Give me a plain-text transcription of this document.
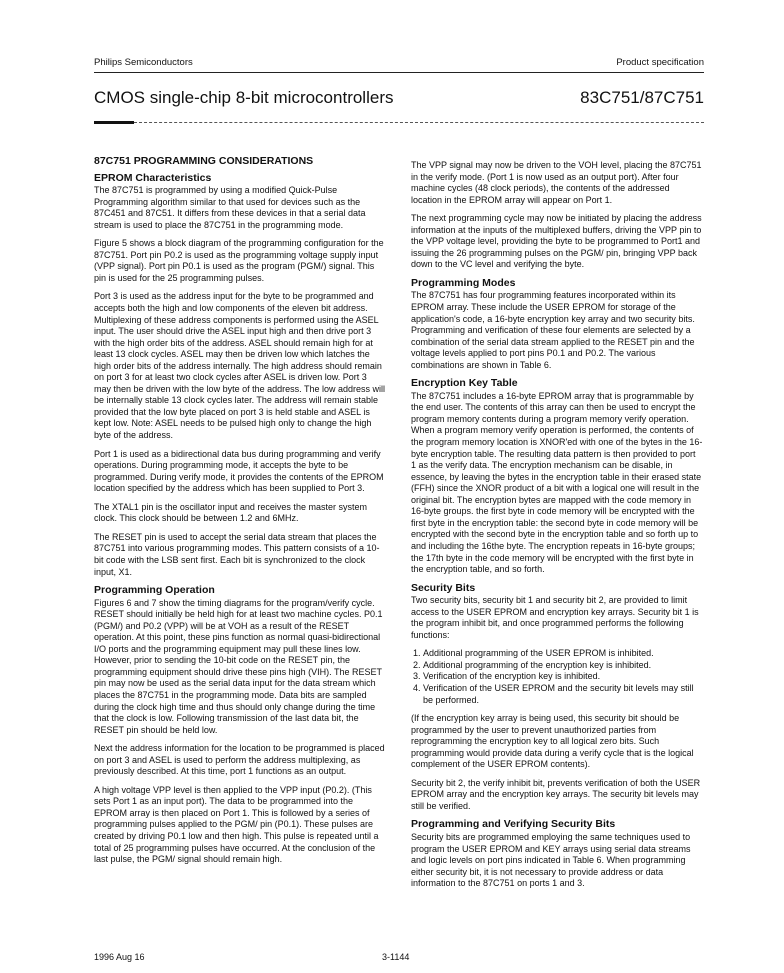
Philips Semiconductors	Product specification
CMOS single-chip 8-bit microcontrollers	83C751/87C751
87C751 PROGRAMMING CONSIDERATIONS
EPROM Characteristics

The 87C751 is programmed by using a modified Quick-Pulse Programming algorithm similar to that used for devices such as the 87C451 and 87C51. It differs from these devices in that a serial data stream is used to place the 87C751 in the programming mode.

Figure 5 shows a block diagram of the programming configuration for the 87C751. Port pin P0.2 is used as the programming voltage supply input (VPP signal). Port pin P0.1 is used as the program (PGM/) signal. This pin is used for the 25 programming pulses.

Port 3 is used as the address input for the byte to be programmed and accepts both the high and low components of the eleven bit address. Multiplexing of these address components is performed using the ASEL input. The user should drive the ASEL input high and then drive port 3 with the high order bits of the address. ASEL should remain high for at least 13 clock cycles. ASEL may then be driven low which latches the high order bits of the address internally. The high address should remain on port 3 for at least two clock cycles after ASEL is driven low. Port 3 may then be driven with the low byte of the address. The low address will be internally stable 13 clock cycles later. The address will remain stable provided that the low byte placed on port 3 is held stable and ASEL is kept low. Note: ASEL needs to be pulsed high only to change the high byte of the address.

Port 1 is used as a bidirectional data bus during programming and verify operations. During programming mode, it accepts the byte to be programmed. During verify mode, it provides the contents of the EPROM location specified by the address which has been supplied to Port 3.

The XTAL1 pin is the oscillator input and receives the master system clock. This clock should be between 1.2 and 6MHz.

The RESET pin is used to accept the serial data stream that places the 87C751 into various programming modes. This pattern consists of a 10-bit code with the LSB sent first. Each bit is synchronized to the clock input, X1.

Programming Operation

Figures 6 and 7 show the timing diagrams for the program/verify cycle. RESET should initially be held high for at least two machine cycles. P0.1 (PGM/) and P0.2 (VPP) will be at VOH as a result of the RESET operation. At this point, these pins function as normal quasi-bidirectional I/O ports and the programming equipment may pull these lines low. However, prior to sending the 10-bit code on the RESET pin, the programming equipment should drive these pins high (VIH). The RESET pin may now be used as the serial data input for the data stream which places the 87C751 in the programming mode. Data bits are sampled during the clock high time and thus should only change during the time that the clock is low. Following transmission of the last data bit, the RESET pin should be held low.

Next the address information for the location to be programmed is placed on port 3 and ASEL is used to perform the address multiplexing, as previously described. At this time, port 1 functions as an output.

A high voltage VPP level is then applied to the VPP input (P0.2). (This sets Port 1 as an input port). The data to be programmed into the EPROM array is then placed on Port 1. This is followed by a series of programming pulses applied to the PGM/ pin (P0.1). These pulses are created by driving P0.1 low and then high. This pulse is repeated until a total of 25 programming pulses have occurred. At the conclusion of the last pulse, the PGM/ signal should remain high.

The VPP signal may now be driven to the VOH level, placing the 87C751 in the verify mode. (Port 1 is now used as an output port). After four machine cycles (48 clock periods), the contents of the addressed location in the EPROM array will appear on Port 1.

The next programming cycle may now be initiated by placing the address information at the inputs of the multiplexed buffers, driving the VPP pin to the VPP voltage level, providing the byte to be programmed to Port1 and issuing the 26 programming pulses on the PGM/ pin, bringing VPP back down to the VC level and verifying the byte.

Programming Modes

The 87C751 has four programming features incorporated within its EPROM array. These include the USER EPROM for storage of the application's code, a 16-byte encryption key array and two security bits. Programming and verification of these four elements are selected by a combination of the serial data stream applied to the RESET pin and the voltage levels applied to port pins P0.1 and P0.2. The various combinations are shown in Table 6.

Encryption Key Table

The 87C751 includes a 16-byte EPROM array that is programmable by the end user. The contents of this array can then be used to encrypt the program memory contents during a program memory verify operation. When a program memory verify operation is performed, the contents of the program memory location is XNOR'ed with one of the bytes in the 16-byte encryption table. The resulting data pattern is then provided to port 1 as the verify data. The encryption mechanism can be disable, in essence, by leaving the bytes in the encryption table in their erased state (FFH) since the XNOR product of a bit with a logical one will result in the original bit. The encryption bytes are mapped with the code memory in 16-byte groups. the first byte in code memory will be encrypted with the first byte in the encryption table: the second byte in code memory will be encrypted with the second byte in the encryption table and so forth up to and including the 16the byte. The encryption repeats in 16-byte groups; the 17th byte in the code memory will be encrypted with the first byte in the encryption table, and so forth.

Security Bits

Two security bits, security bit 1 and security bit 2, are provided to limit access to the USER EPROM and encryption key arrays. Security bit 1 is the program inhibit bit, and once programmed performs the following functions:

1. Additional programming of the USER EPROM is inhibited.
2. Additional programming of the encryption key is inhibited.
3. Verification of the encryption key is inhibited.
4. Verification of the USER EPROM and the security bit levels may still be performed.

(If the encryption key array is being used, this security bit should be programmed by the user to prevent unauthorized parties from reprogramming the encryption key to all logical zero bits. Such programming would provide data during a verify cycle that is the logical complement of the USER EPROM contents).

Security bit 2, the verify inhibit bit, prevents verification of both the USER EPROM array and the encryption key arrays. The security bit levels may still be verified.

Programming and Verifying Security Bits

Security bits are programmed employing the same techniques used to program the USER EPROM and KEY arrays using serial data streams and logic levels on port pins indicated in Table 6. When programming either security bit, it is not necessary to provide address or data information to the 87C751 on ports 1 and 3.

1996 Aug 16	3-1144
